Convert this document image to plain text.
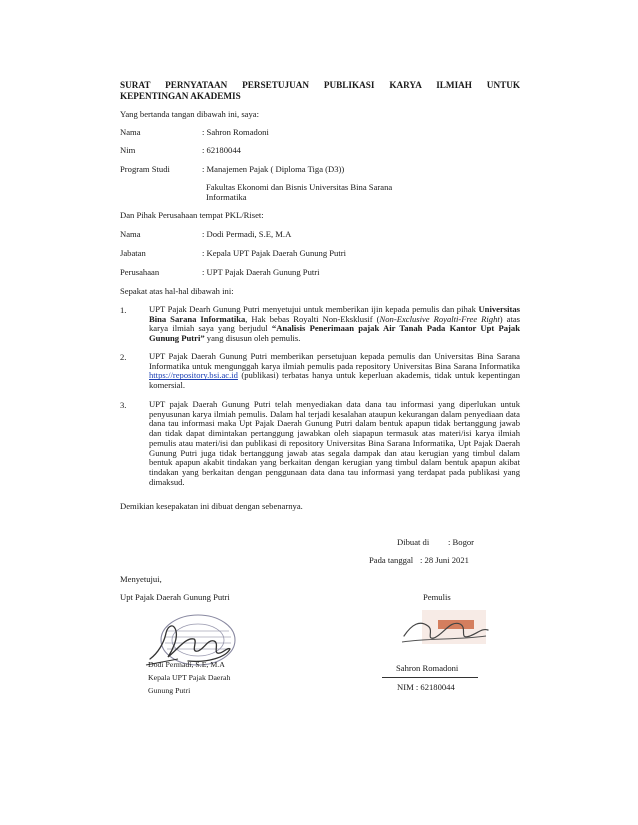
SURAT PERNYATAAN PERSETUJUAN PUBLIKASI KARYA ILMIAH UNTUK
KEPENTINGAN AKADEMIS
Yang bertanda tangan dibawah ini, saya:
Nama	: Sahron Romadoni
Nim	: 62180044
Program Studi	: Manajemen Pajak ( Diploma Tiga (D3))
Fakultas Ekonomi dan Bisnis Universitas Bina Sarana
Informatika
Dan Pihak Perusahaan tempat PKL/Riset:
Nama	: Dodi Permadi, S.E, M.A
Jabatan	: Kepala UPT Pajak Daerah Gunung Putri
Perusahaan	: UPT Pajak Daerah Gunung Putri
Sepakat atas hal-hal dibawah ini:
1.	UPT Pajak Dearh Gunung Putri menyetujui untuk memberikan ijin kepada pemulis dan pihak Universitas Bina Sarana Informatika, Hak bebas Royalti Non-Eksklusif (Non-Exclusive Royalti-Free Right) atas karya ilmiah saya yang berjudul “Analisis Penerimaan pajak Air Tanah Pada Kantor Upt Pajak Gunung Putri” yang disusun oleh pemulis.
2.	UPT Pajak Daerah Gunung Putri memberikan persetujuan kepada pemulis dan Universitas Bina Sarana Informatika untuk mengunggah karya ilmiah pemulis pada repository Universitas Bina Sarana Informatika https://repository.bsi.ac.id (publikasi) terbatas hanya untuk keperluan akademis, tidak untuk kepentingan komersial.
3.	UPT pajak Daerah Gunung Putri telah menyediakan data dana tau informasi yang diperlukan untuk penyusunan karya ilmiah pemulis. Dalam hal terjadi kesalahan ataupun kekurangan dalam penyediaan data dana tau informasi maka Upt Pajak Daerah Gunung Putri dalam bentuk apapun tidak bertanggung jawab dan tidak dapat dimintakan pertanggung jawabkan oleh siapapun termasuk atas materi/isi karya ilmiah pemulis atau materi/isi dan publikasi di repository Universitas Bina Sarana Informatika, Upt Pajak Daerah Gunung Putri juga tidak bertanggung jawab atas segala dampak dan atau kerugian yang timbul dalam bentuk apapun akabit tindakan yang berkaitan dengan kerugian yang timbul dalam bentuk apapun akibat tindakan yang berkaitan dengan penggunaan data dana tau informasi yang terdapat pada publikasi yang dimaksud.
Demikian kesepakatan ini dibuat dengan sebenarnya.
Dibuat di : Bogor
Pada tanggal : 28 Juni 2021
Menyetujui,
Upt Pajak Daerah Gunung Putri
Dodi Permadi, S.E, M.A
Kepala UPT Pajak Daerah
Gunung Putri
Pemulis
Sahron Romadoni
NIM : 62180044
